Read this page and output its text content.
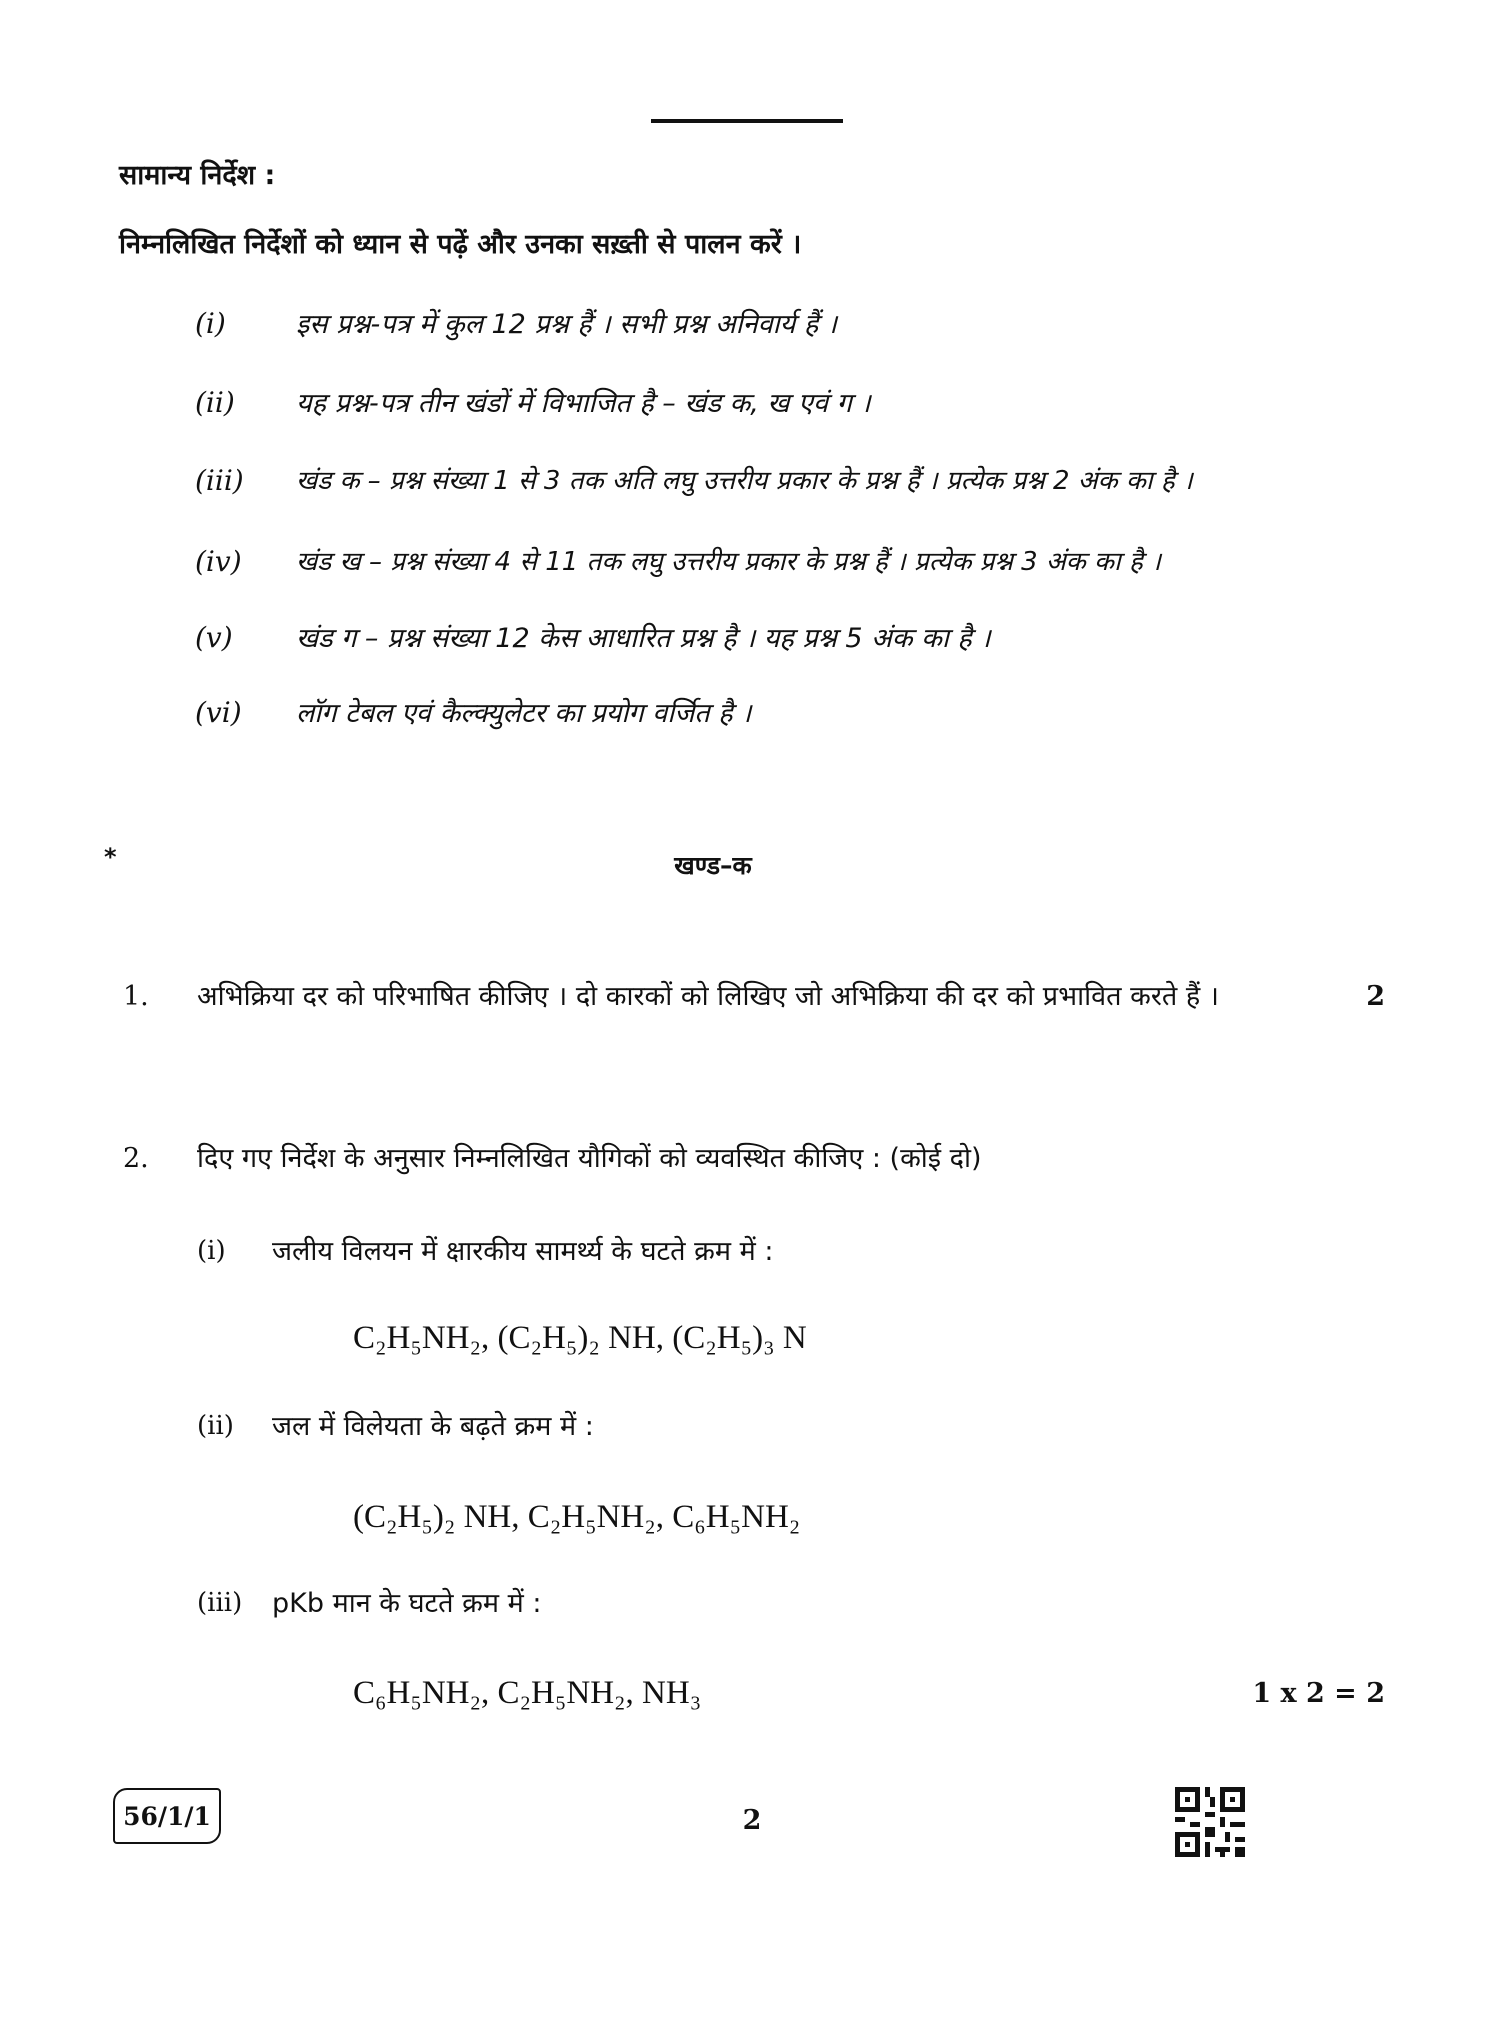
सामान्य निर्देश :
निम्नलिखित निर्देशों को ध्यान से पढ़ें और उनका सख़्ती से पालन करें ।
(i)	इस प्रश्न-पत्र में कुल 12 प्रश्न हैं । सभी प्रश्न अनिवार्य हैं ।
(ii) यह प्रश्न-पत्र तीन खंडों में विभाजित है – खंड क, ख एवं ग ।
(iii) खंड क – प्रश्न संख्या 1 से 3 तक अति लघु उत्तरीय प्रकार के प्रश्न हैं । प्रत्येक प्रश्न 2 अंक का है ।
(iv) खंड ख – प्रश्न संख्या 4 से 11 तक लघु उत्तरीय प्रकार के प्रश्न हैं । प्रत्येक प्रश्न 3 अंक का है ।
(v) खंड ग – प्रश्न संख्या 12 केस आधारित प्रश्न है । यह प्रश्न 5 अंक का है ।
(vi) लॉग टेबल एवं कैल्क्युलेटर का प्रयोग वर्जित है ।
*	खण्ड–क
1. अभिक्रिया दर को परिभाषित कीजिए । दो कारकों को लिखिए जो अभिक्रिया की दर को प्रभावित करते हैं ।	2
2. दिए गए निर्देश के अनुसार निम्नलिखित यौगिकों को व्यवस्थित कीजिए : (कोई दो)
(i) जलीय विलयन में क्षारकीय सामर्थ्य के घटते क्रम में :
C₂H₅NH₂, (C₂H₅)₂ NH, (C₂H₅)₃ N
(ii) जल में विलेयता के बढ़ते क्रम में :
(C₂H₅)₂ NH, C₂H₅NH₂, C₆H₅NH₂
(iii) pKb मान के घटते क्रम में :
C₆H₅NH₂, C₂H₅NH₂, NH₃	1 x 2 = 2
56/1/1	2
